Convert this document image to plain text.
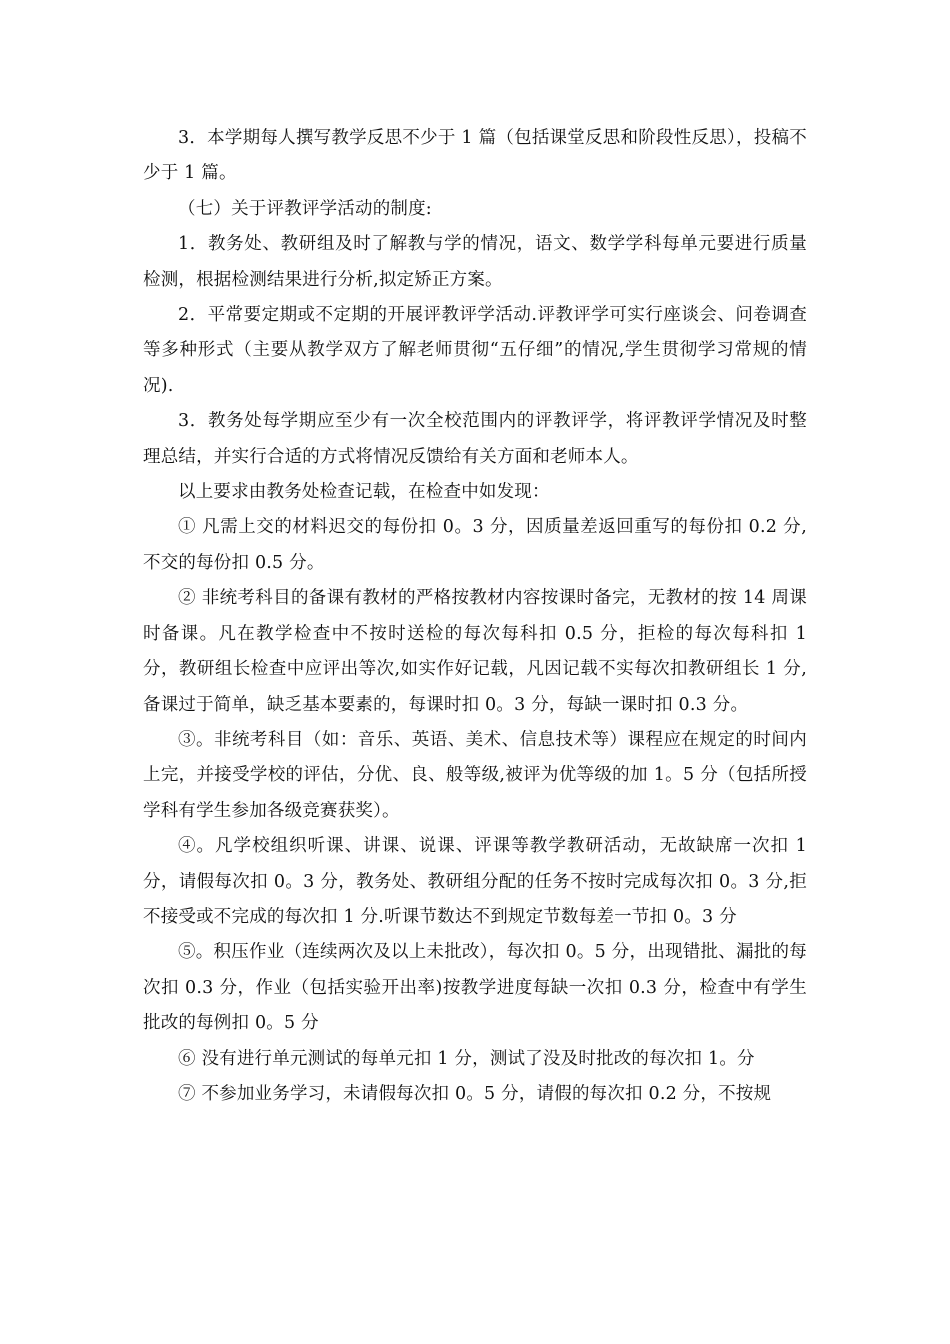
3．本学期每人撰写教学反思不少于 1 篇（包括课堂反思和阶段性反思），投稿不少于 1 篇。

（七）关于评教评学活动的制度:

1．教务处、教研组及时了解教与学的情况，语文、数学学科每单元要进行质量检测，根据检测结果进行分析,拟定矫正方案。

2．平常要定期或不定期的开展评教评学活动.评教评学可实行座谈会、问卷调查等多种形式（主要从教学双方了解老师贯彻“五仔细”的情况,学生贯彻学习常规的情况).

3．教务处每学期应至少有一次全校范围内的评教评学，将评教评学情况及时整理总结，并实行合适的方式将情况反馈给有关方面和老师本人。

以上要求由教务处检查记载，在检查中如发现：

① 凡需上交的材料迟交的每份扣 0。3 分，因质量差返回重写的每份扣 0.2 分,不交的每份扣 0.5 分。

② 非统考科目的备课有教材的严格按教材内容按课时备完，无教材的按 14 周课时备课。凡在教学检查中不按时送检的每次每科扣 0.5 分，拒检的每次每科扣 1 分，教研组长检查中应评出等次,如实作好记载，凡因记载不实每次扣教研组长 1 分,备课过于简单，缺乏基本要素的，每课时扣 0。3 分，每缺一课时扣 0.3 分。

③。非统考科目（如：音乐、英语、美术、信息技术等）课程应在规定的时间内上完，并接受学校的评估，分优、良、般等级,被评为优等级的加 1。5 分（包括所授学科有学生参加各级竞赛获奖）。

④。凡学校组织听课、讲课、说课、评课等教学教研活动，无故缺席一次扣 1 分，请假每次扣 0。3 分，教务处、教研组分配的任务不按时完成每次扣 0。3 分,拒不接受或不完成的每次扣 1 分.听课节数达不到规定节数每差一节扣 0。3 分

⑤。积压作业（连续两次及以上未批改），每次扣 0。5 分，出现错批、漏批的每次扣 0.3 分，作业（包括实验开出率)按教学进度每缺一次扣 0.3 分，检查中有学生批改的每例扣 0。5 分

⑥ 没有进行单元测试的每单元扣 1 分，测试了没及时批改的每次扣 1。分

⑦ 不参加业务学习，未请假每次扣 0。5 分，请假的每次扣 0.2 分，不按规
